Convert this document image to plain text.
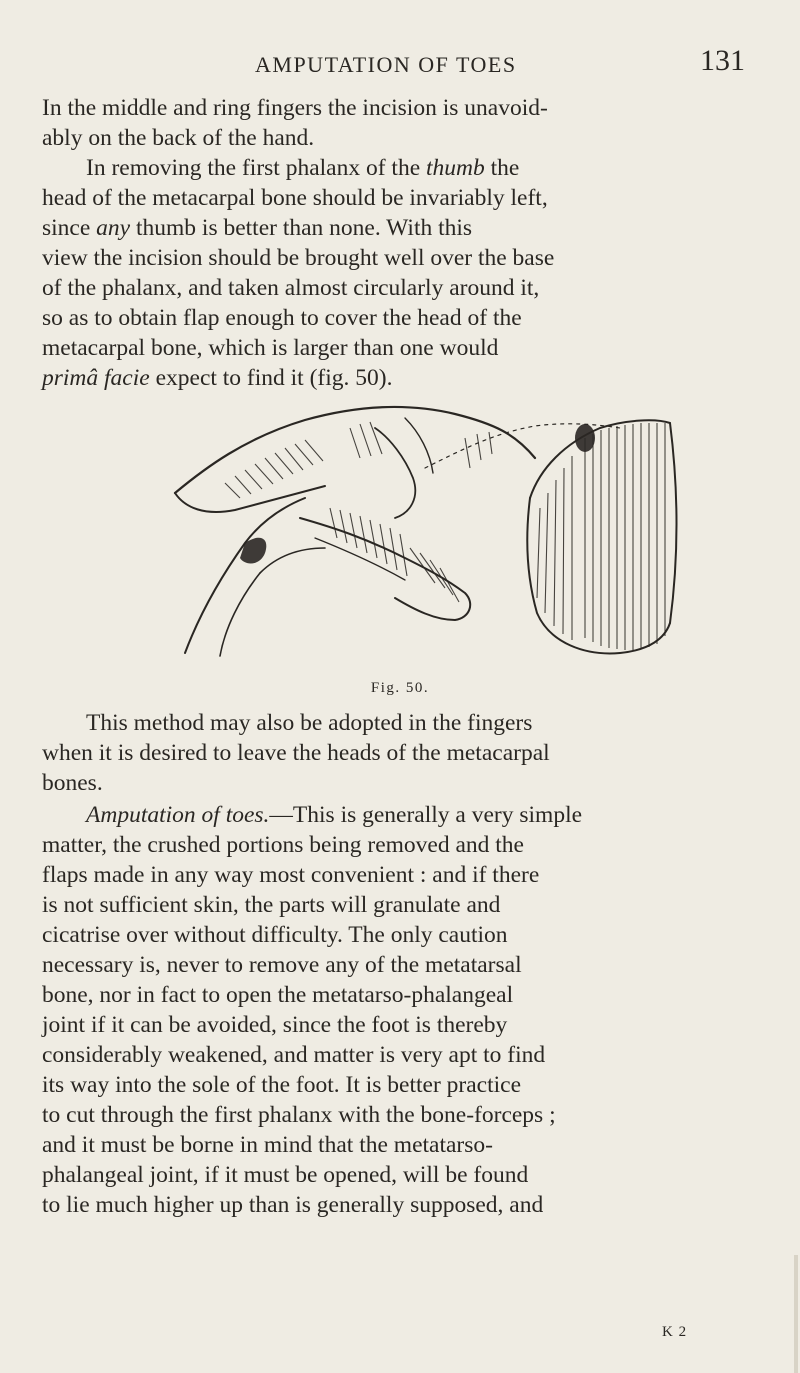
AMPUTATION OF TOES	131
In the middle and ring fingers the incision is unavoid-
ably on the back of the hand.
In removing the first phalanx of the thumb the
head of the metacarpal bone should be invariably left,
since any thumb is better than none. With this
view the incision should be brought well over the base
of the phalanx, and taken almost circularly around it,
so as to obtain flap enough to cover the head of the
metacarpal bone, which is larger than one would
primâ facie expect to find it (fig. 50).
Fig. 50.
This method may also be adopted in the fingers
when it is desired to leave the heads of the metacarpal
bones.
Amputation of toes.—This is generally a very simple
matter, the crushed portions being removed and the
flaps made in any way most convenient : and if there
is not sufficient skin, the parts will granulate and
cicatrise over without difficulty. The only caution
necessary is, never to remove any of the metatarsal
bone, nor in fact to open the metatarso-phalangeal
joint if it can be avoided, since the foot is thereby
considerably weakened, and matter is very apt to find
its way into the sole of the foot. It is better practice
to cut through the first phalanx with the bone-forceps ;
and it must be borne in mind that the metatarso-
phalangeal joint, if it must be opened, will be found
to lie much higher up than is generally supposed, and
K 2
